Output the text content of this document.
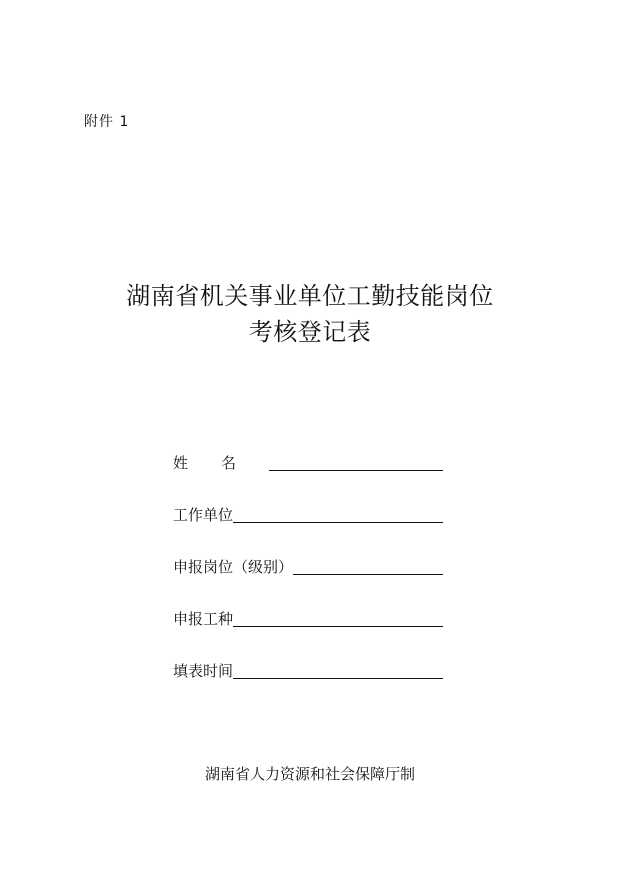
附件 1
湖南省机关事业单位工勤技能岗位
考核登记表
姓名
工作单位
申报岗位（级别）
申报工种
填表时间
湖南省人力资源和社会保障厅制
